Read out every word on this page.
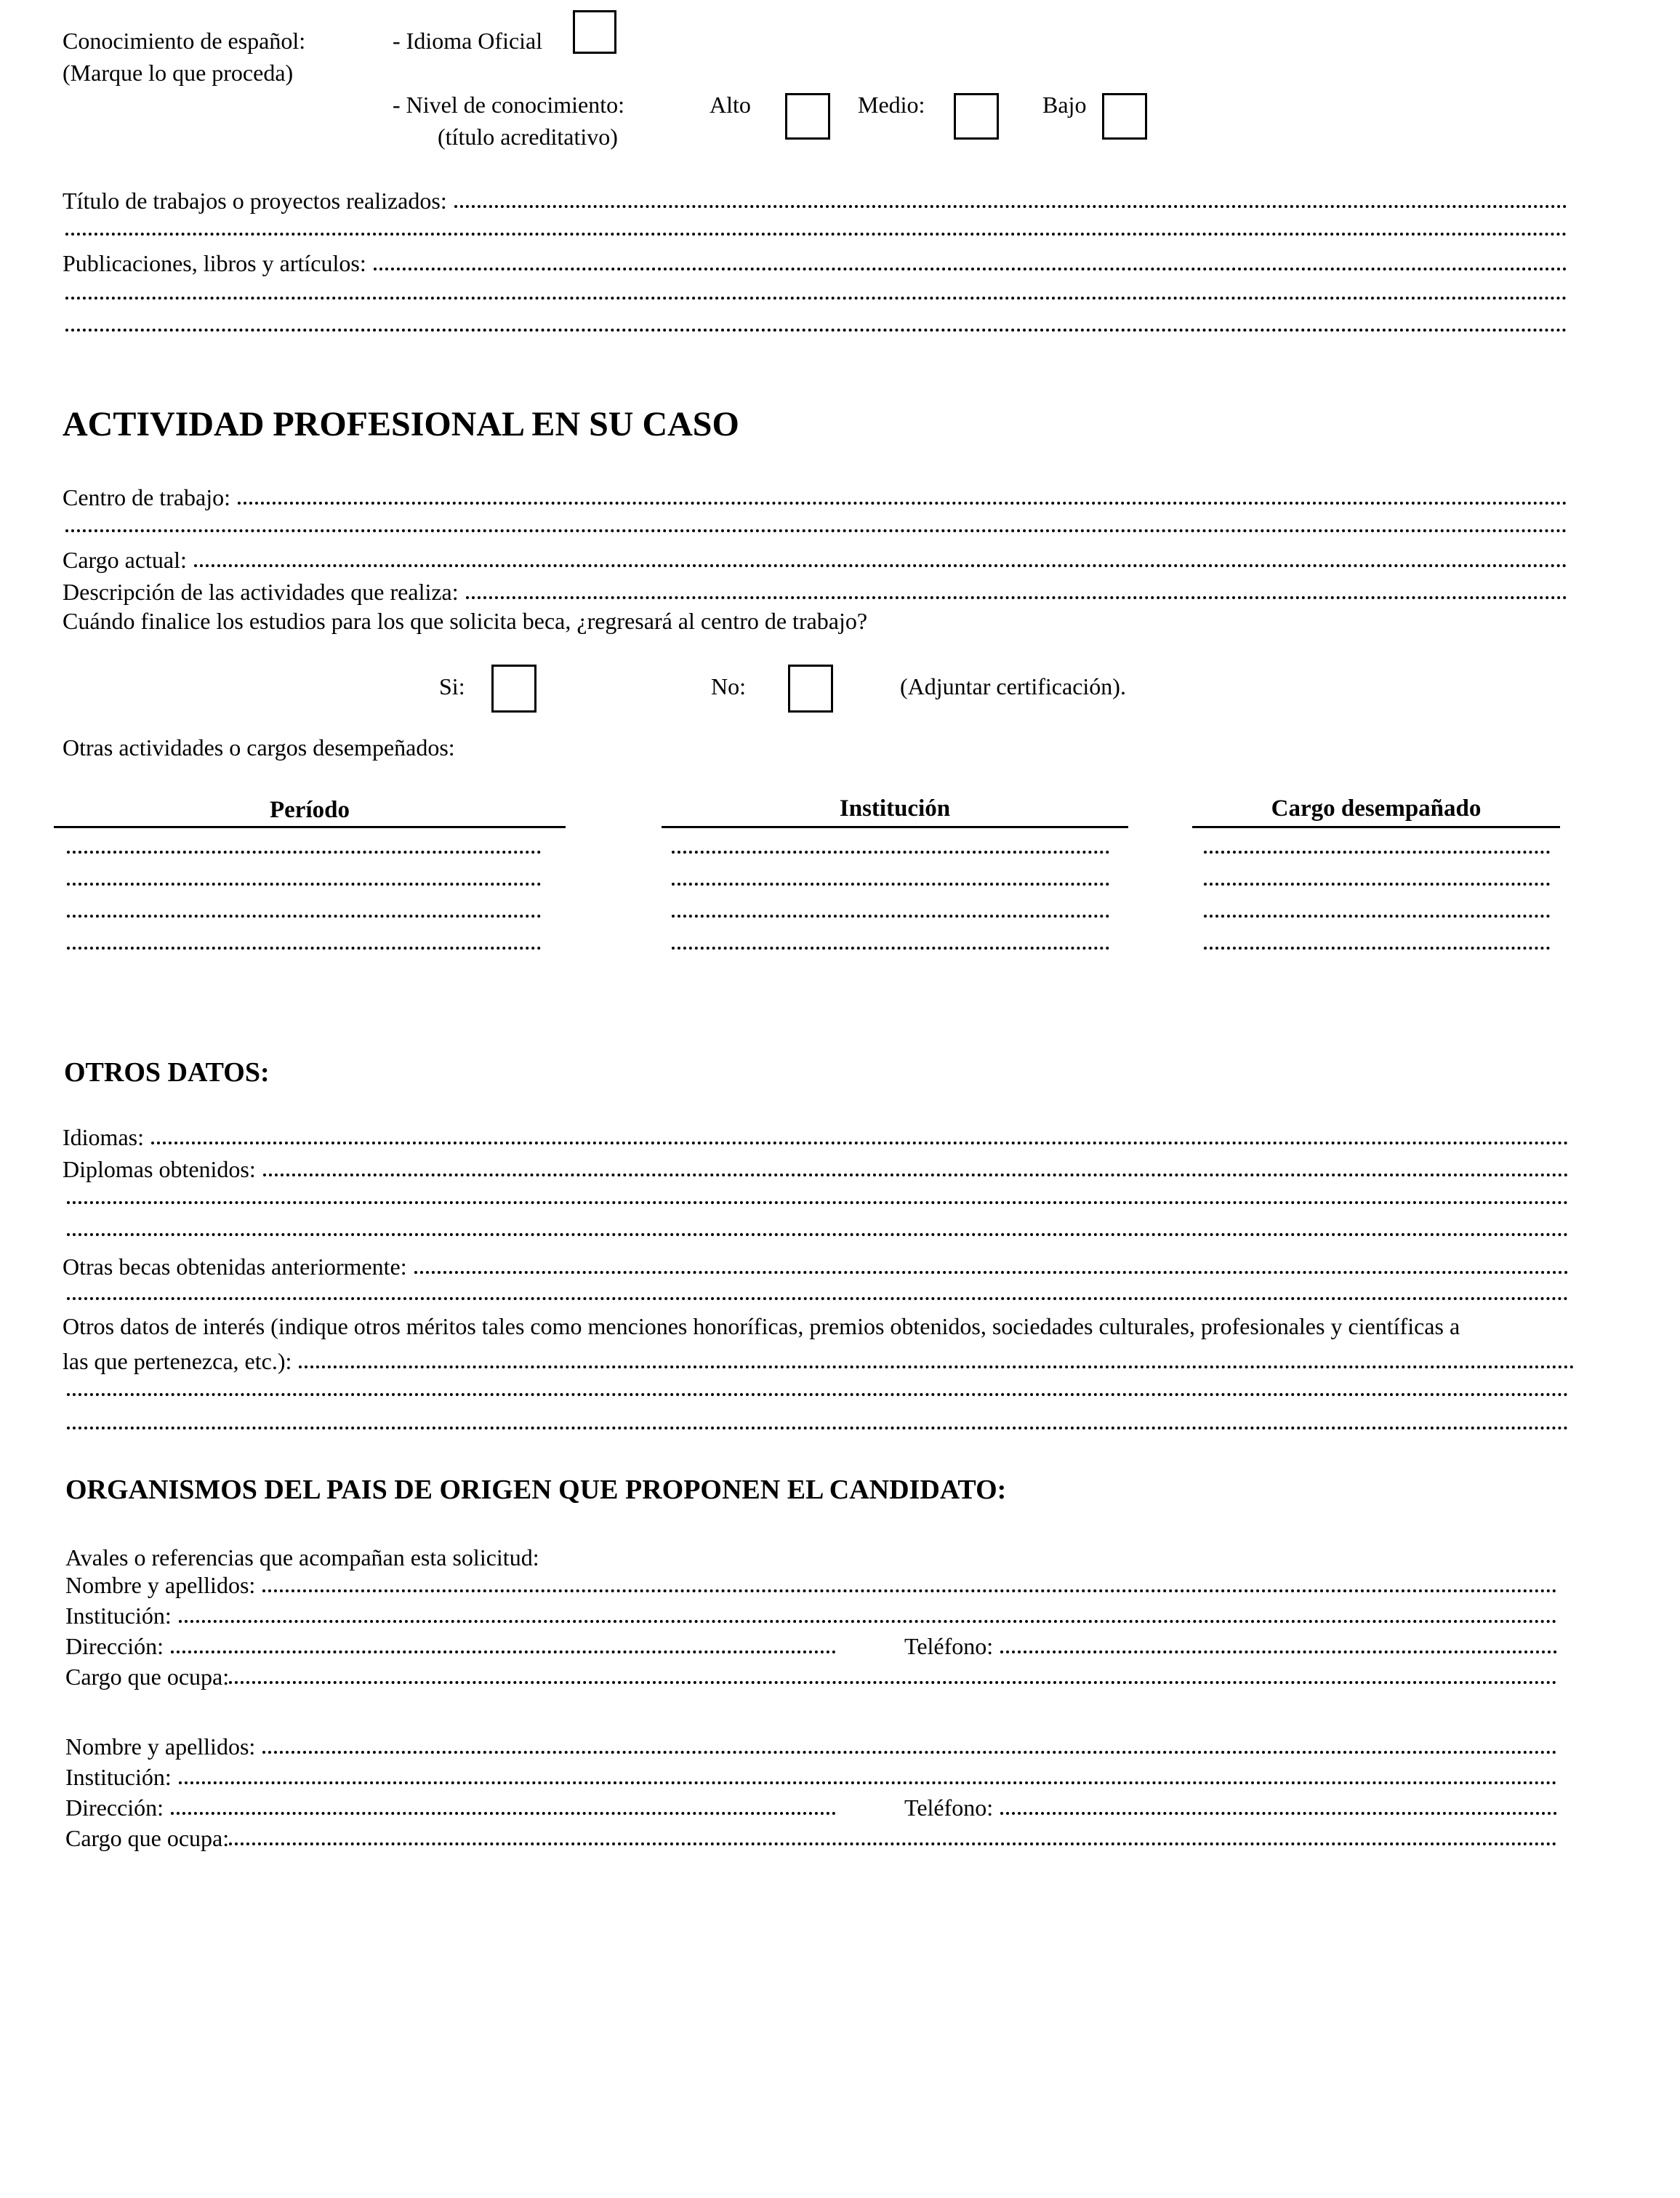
Conocimiento de español:
(Marque lo que proceda)
- Idioma Oficial
- Nivel de conocimiento:
(título acreditativo)
Alto	Medio:	Bajo
Título de trabajos o proyectos realizados:
Publicaciones, libros y artículos:
ACTIVIDAD PROFESIONAL EN SU CASO
Centro de trabajo:
Cargo actual:
Descripción de las actividades que realiza:
Cuándo finalice los estudios para los que solicita beca, ¿regresará al centro de trabajo?
Si:	No:	(Adjuntar certificación).
Otras actividades o cargos desempeñados:
Período	Institución	Cargo desempañado
OTROS DATOS:
Idiomas:
Diplomas obtenidos:
Otras becas obtenidas anteriormente:
Otros datos de interés (indique otros méritos tales como menciones honoríficas, premios obtenidos, sociedades culturales, profesionales y científicas a
las que pertenezca, etc.):
ORGANISMOS DEL PAIS DE ORIGEN QUE PROPONEN EL CANDIDATO:
Avales o referencias que acompañan esta solicitud:
Nombre y apellidos:
Institución:
Dirección:	Teléfono:
Cargo que ocupa:
Nombre y apellidos:
Institución:
Dirección:	Teléfono:
Cargo que ocupa:
